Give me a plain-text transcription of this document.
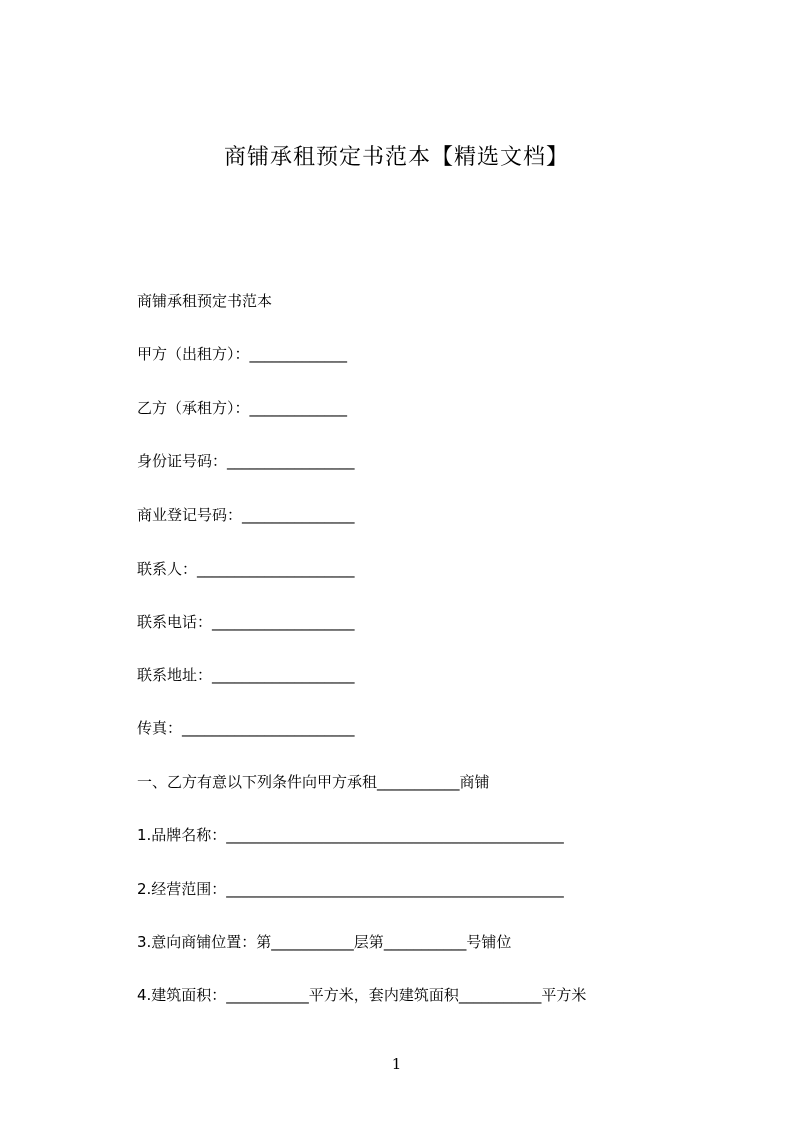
商铺承租预定书范本【精选文档】
商铺承租预定书范本
甲方（出租方）：_____________
乙方（承租方）：_____________
身份证号码：_________________
商业登记号码：_______________
联系人：_____________________
联系电话：___________________
联系地址：___________________
传真：_______________________
一、乙方有意以下列条件向甲方承租___________商铺
1.品牌名称：_____________________________________________
2.经营范围：_____________________________________________
3.意向商铺位置：第___________层第___________号铺位
4.建筑面积：___________平方米，套内建筑面积___________平方米
1
